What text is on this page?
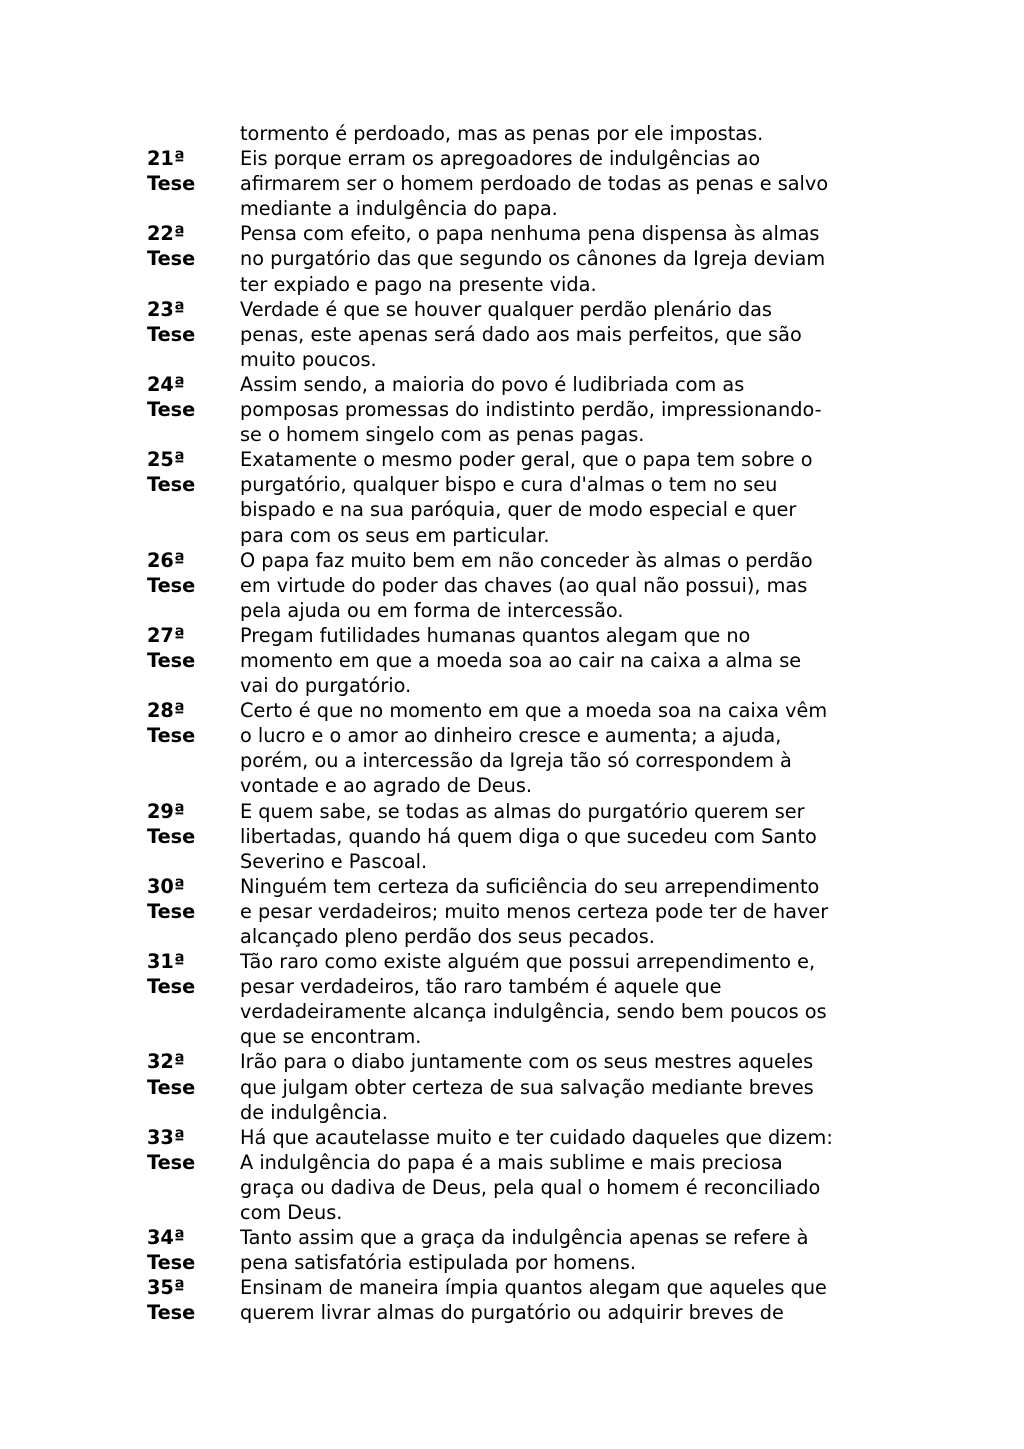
tormento é perdoado, mas as penas por ele impostas.
21ª	Eis porque erram os apregoadores de indulgências ao
Tese	afirmarem ser o homem perdoado de todas as penas e salvo
mediante a indulgência do papa.
22ª	Pensa com efeito, o papa nenhuma pena dispensa às almas
Tese	no purgatório das que segundo os cânones da Igreja deviam
ter expiado e pago na presente vida.
23ª	Verdade é que se houver qualquer perdão plenário das
Tese	penas, este apenas será dado aos mais perfeitos, que são
muito poucos.
24ª	Assim sendo, a maioria do povo é ludibriada com as
Tese	pomposas promessas do indistinto perdão, impressionando-
se o homem singelo com as penas pagas.
25ª	Exatamente o mesmo poder geral, que o papa tem sobre o
Tese	purgatório, qualquer bispo e cura d'almas o tem no seu
bispado e na sua paróquia, quer de modo especial e quer
para com os seus em particular.
26ª	O papa faz muito bem em não conceder às almas o perdão
Tese	em virtude do poder das chaves (ao qual não possui), mas
pela ajuda ou em forma de intercessão.
27ª	Pregam futilidades humanas quantos alegam que no
Tese	momento em que a moeda soa ao cair na caixa a alma se
vai do purgatório.
28ª	Certo é que no momento em que a moeda soa na caixa vêm
Tese	o lucro e o amor ao dinheiro cresce e aumenta; a ajuda,
porém, ou a intercessão da Igreja tão só correspondem à
vontade e ao agrado de Deus.
29ª	E quem sabe, se todas as almas do purgatório querem ser
Tese	libertadas, quando há quem diga o que sucedeu com Santo
Severino e Pascoal.
30ª	Ninguém tem certeza da suficiência do seu arrependimento
Tese	e pesar verdadeiros; muito menos certeza pode ter de haver
alcançado pleno perdão dos seus pecados.
31ª	Tão raro como existe alguém que possui arrependimento e,
Tese	pesar verdadeiros, tão raro também é aquele que
verdadeiramente alcança indulgência, sendo bem poucos os
que se encontram.
32ª	Irão para o diabo juntamente com os seus mestres aqueles
Tese	que julgam obter certeza de sua salvação mediante breves
de indulgência.
33ª	Há que acautelasse muito e ter cuidado daqueles que dizem:
Tese	A indulgência do papa é a mais sublime e mais preciosa
graça ou dadiva de Deus, pela qual o homem é reconciliado
com Deus.
34ª	Tanto assim que a graça da indulgência apenas se refere à
Tese	pena satisfatória estipulada por homens.
35ª	Ensinam de maneira ímpia quantos alegam que aqueles que
Tese	querem livrar almas do purgatório ou adquirir breves de
